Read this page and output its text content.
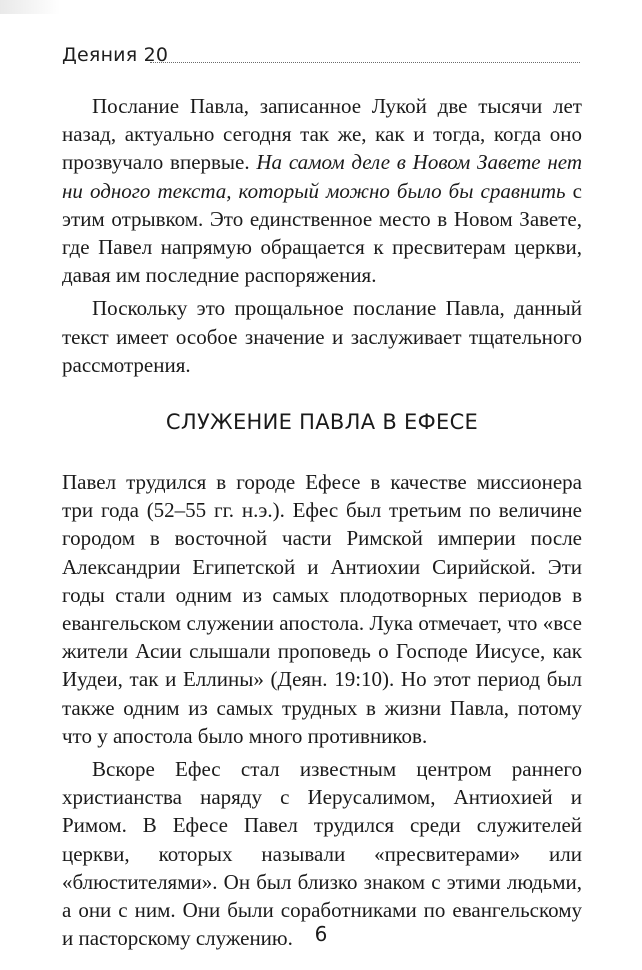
Деяния 20

Послание Павла, записанное Лукой две тысячи лет назад, актуально сегодня так же, как и тогда, когда оно прозвучало впервые. На самом деле в Новом Завете нет ни одного текста, который можно было бы сравнить с этим отрывком. Это единственное место в Новом Завете, где Павел напрямую обращается к пресвитерам церкви, давая им последние распоряжения.

Поскольку это прощальное послание Павла, данный текст имеет особое значение и заслуживает тщательного рассмотрения.

СЛУЖЕНИЕ ПАВЛА В ЕФЕСЕ

Павел трудился в городе Ефесе в качестве миссионера три года (52–55 гг. н.э.). Ефес был третьим по величине городом в восточной части Римской империи после Александрии Египетской и Антиохии Сирийской. Эти годы стали одним из самых плодотворных периодов в евангельском служении апостола. Лука отмечает, что «все жители Асии слышали проповедь о Господе Иисусе, как Иудеи, так и Еллины» (Деян. 19:10). Но этот период был также одним из самых трудных в жизни Павла, потому что у апостола было много противников.

Вскоре Ефес стал известным центром раннего христианства наряду с Иерусалимом, Антиохией и Римом. В Ефесе Павел трудился среди служителей церкви, которых называли «пресвитерами» или «блюстителями». Он был близко знаком с этими людьми, а они с ним. Они были соработниками по евангельскому и пасторскому служению.	6
